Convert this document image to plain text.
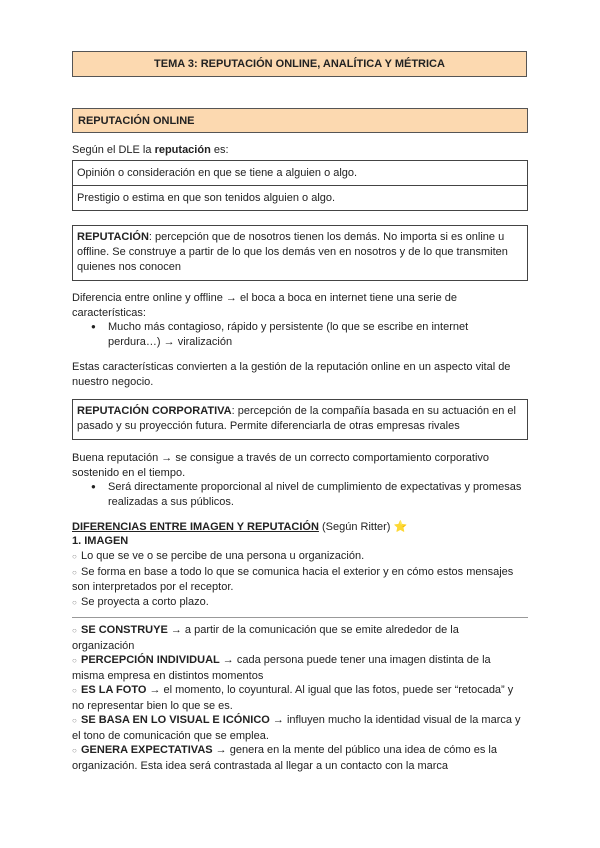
TEMA 3: REPUTACIÓN ONLINE, ANALÍTICA Y MÉTRICA
REPUTACIÓN ONLINE
Según el DLE la reputación es:
Opinión o consideración en que se tiene a alguien o algo.
Prestigio o estima en que son tenidos alguien o algo.
REPUTACIÓN: percepción que de nosotros tienen los demás. No importa si es online u
offline. Se construye a partir de lo que los demás ven en nosotros y de lo que transmiten
quienes nos conocen
Diferencia entre online y offline → el boca a boca en internet tiene una serie de
características:
● Mucho más contagioso, rápido y persistente (lo que se escribe en internet
perdura…) → viralización
Estas características convierten a la gestión de la reputación online en un aspecto vital de
nuestro negocio.
REPUTACIÓN CORPORATIVA: percepción de la compañía basada en su actuación en el
pasado y su proyección futura. Permite diferenciarla de otras empresas rivales
Buena reputación → se consigue a través de un correcto comportamiento corporativo
sostenido en el tiempo.
● Será directamente proporcional al nivel de cumplimiento de expectativas y promesas
realizadas a sus públicos.
DIFERENCIAS ENTRE IMAGEN Y REPUTACIÓN (Según Ritter) ⭐
1. IMAGEN
○ Lo que se ve o se percibe de una persona u organización.
○ Se forma en base a todo lo que se comunica hacia el exterior y en cómo estos mensajes
son interpretados por el receptor.
○ Se proyecta a corto plazo.
○ SE CONSTRUYE → a partir de la comunicación que se emite alrededor de la
organización
○ PERCEPCIÓN INDIVIDUAL → cada persona puede tener una imagen distinta de la
misma empresa en distintos momentos
○ ES LA FOTO → el momento, lo coyuntural. Al igual que las fotos, puede ser “retocada” y
no representar bien lo que se es.
○ SE BASA EN LO VISUAL E ICÓNICO → influyen mucho la identidad visual de la marca y
el tono de comunicación que se emplea.
○ GENERA EXPECTATIVAS → genera en la mente del público una idea de cómo es la
organización. Esta idea será contrastada al llegar a un contacto con la marca
